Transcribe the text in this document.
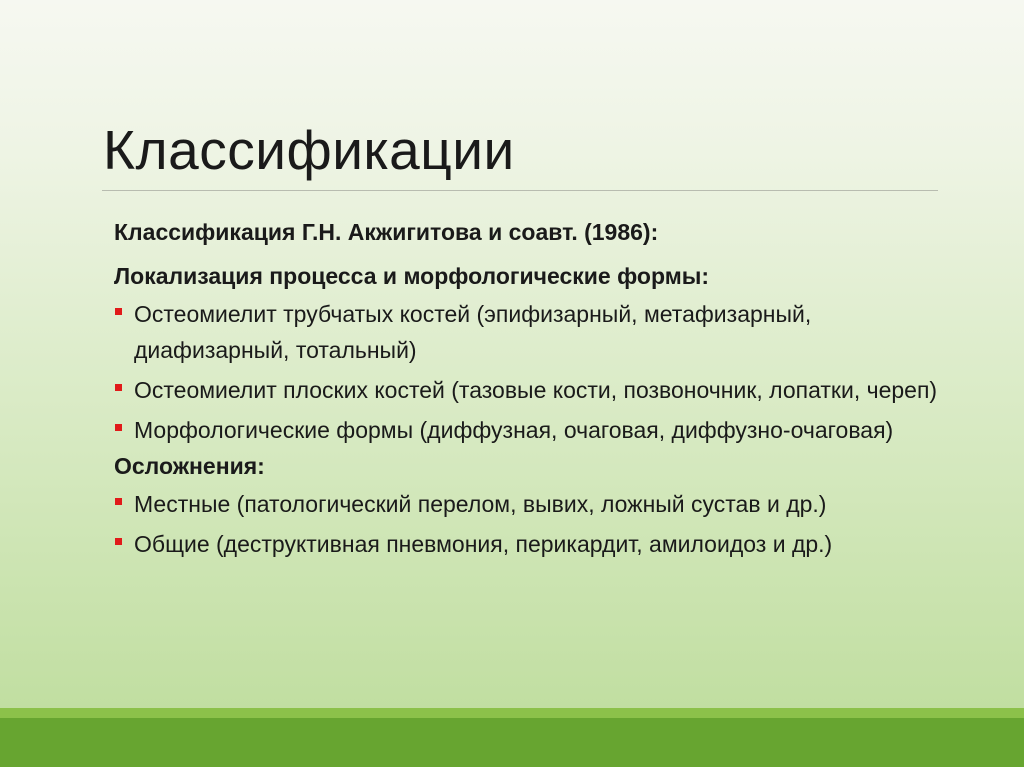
Классификации
Классификация Г.Н. Акжигитова и соавт. (1986):
Локализация процесса и морфологические формы:
Остеомиелит трубчатых костей (эпифизарный, метафизарный, диафизарный, тотальный)
Остеомиелит плоских костей (тазовые кости, позвоночник, лопатки, череп)
Морфологические формы (диффузная, очаговая, диффузно-очаговая)
Осложнения:
Местные (патологический перелом, вывих, ложный сустав и др.)
Общие (деструктивная пневмония, перикардит, амилоидоз и др.)
